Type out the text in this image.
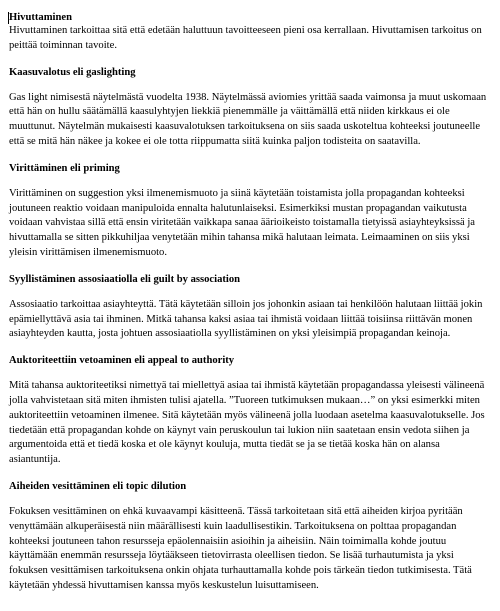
Hivuttaminen

Hivuttaminen tarkoittaa sitä että edetään haluttuun tavoitteeseen pieni osa kerrallaan. Hivuttamisen tarkoitus on peittää toiminnan tavoite.

Kaasuvalotus eli gaslighting

Gas light nimisestä näytelmästä vuodelta 1938. Näytelmässä aviomies yrittää saada vaimonsa ja muut uskomaan että hän on hullu säätämällä kaasulyhtyjen liekkiä pienemmälle ja väittämällä että niiden kirkkaus ei ole muuttunut. Näytelmän mukaisesti kaasuvalotuksen tarkoituksena on siis saada uskoteltua kohteeksi joutuneelle että se mitä hän näkee ja kokee ei ole totta riippumatta siitä kuinka paljon todisteita on saatavilla.

Virittäminen eli priming

Virittäminen on suggestion yksi ilmenemismuoto ja siinä käytetään toistamista jolla propagandan kohteeksi joutuneen reaktio voidaan manipuloida ennalta halutunlaiseksi. Esimerkiksi mustan propagandan vaikutusta voidaan vahvistaa sillä että ensin viritetään vaikkapa sanaa äärioikeisto toistamalla tietyissä asiayhteyksissä ja hivuttamalla se sitten pikkuhiljaa venytetään mihin tahansa mikä halutaan leimata. Leimaaminen on siis yksi yleisin virittämisen ilmenemismuoto.

Syyllistäminen assosiaatiolla eli guilt by association

Assosiaatio tarkoittaa asiayhteyttä. Tätä käytetään silloin jos johonkin asiaan tai henkilöön halutaan liittää jokin epämiellyttävä asia tai ihminen. Mitkä tahansa kaksi asiaa tai ihmistä voidaan liittää toisiinsa riittävän monen asiayhteyden kautta, josta johtuen assosiaatiolla syyllistäminen on yksi yleisimpiä propagandan keinoja.

Auktoriteettiin vetoaminen eli appeal to authority

Mitä tahansa auktoriteetiksi nimettyä tai miellettyä asiaa tai ihmistä käytetään propagandassa yleisesti välineenä jolla vahvistetaan sitä miten ihmisten tulisi ajatella. ”Tuoreen tutkimuksen mukaan…” on yksi esimerkki miten auktoriteettiin vetoaminen ilmenee. Sitä käytetään myös välineenä jolla luodaan asetelma kaasuvalotukselle. Jos tiedetään että propagandan kohde on käynyt vain peruskoulun tai lukion niin saatetaan ensin vedota siihen ja argumentoida että et tiedä koska et ole käynyt kouluja, mutta tiedät se ja se tietää koska hän on alansa asiantuntija.

Aiheiden vesittäminen eli topic dilution

Fokuksen vesittäminen on ehkä kuvaavampi käsitteenä. Tässä tarkoitetaan sitä että aiheiden kirjoa pyritään venyttämään alkuperäisestä niin määrällisesti kuin laadullisestikin. Tarkoituksena on polttaa propagandan kohteeksi joutuneen tahon resursseja epäolennaisiin asioihin ja aiheisiin. Näin toimimalla kohde joutuu käyttämään enemmän resursseja löytääkseen tietovirrasta oleellisen tiedon. Se lisää turhautumista ja yksi fokuksen vesittämisen tarkoituksena onkin ohjata turhauttamalla kohde pois tärkeän tiedon tutkimisesta. Tätä käytetään yhdessä hivuttamisen kanssa myös keskustelun luisuttamiseen.
